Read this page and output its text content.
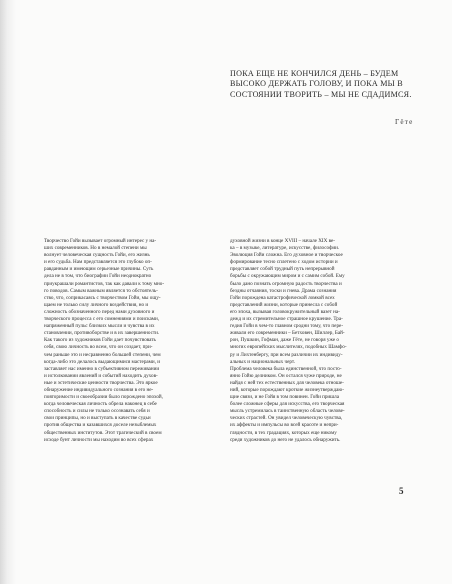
ПОКА ЕЩЕ НЕ КОНЧИЛСЯ ДЕНЬ – БУДЕМ
ВЫСОКО ДЕРЖАТЬ ГОЛОВУ, И ПОКА МЫ В
СОСТОЯНИИ ТВОРИТЬ – МЫ НЕ СДАДИМСЯ.
Гёте
Творчество Гойи вызывает огромный интерес у на-
ших современников. Но в немалой степени мы
волнует человеческая сущность Гойи, его жизнь
и его судьба. Нам представляется это глубоко оп-
равданным и имеющим серьезные причины. Суть
дела не в том, что биографии Гойи неоднократно
приукрашали романтистов, так как давали к тому мно-
го поводов. Самым важным является то обстоятель-
ство, что, соприкасаясь с творчеством Гойи, мы ощу-
щаем не только силу личного воздействия, но и
сложность обозначенного перед нами духовного и
творческого процесса с его сомнениями и поисками,
напряженный пульс близких мысли и чувства в их
становлении, противоборстве и в их завершенности.
Как такого из художников Гойи дает почувствовать
себя, свою личность во всем, что он создает, при-
чем раньше это и несравненно большей степени, чем
когда-либо это делалось выдающимися мастерами, и
заставляет нас именно в субъективном переживании
и истолковании явлений и событий находить духов-
ные и эстетические ценности творчества. Это яркое
обнаружение индивидуального сознания в его не-
повторимости и своеобразии было порождено эпохой,
когда человеческая личность обрела наконец в себе
способность и силы не только осознавать себя и
свои принципы, но и выступать в качестве судьи
против общества и казавшихся доселе незыблемых
общественных институтов. Этот трагический в своем
исходе бунт личности мы находим во всех сферах
духовной жизни в конце XVIII – начале XIX ве-
ка – в музыке, литературе, искусстве, философии.
Эволюция Гойи сложна. Его духовное и творческое
формирование тесно сплетено с ходом истории и
представляет собой трудный путь непрерывной
борьбы с окружающим миром и с самим собой. Ему
было дано познать огромную радость творчества и
бездны отчаяния, тоски и гнева. Драма сознания
Гойи порождена катастрофической ломкой всех
представлений жизни, которые принесла с собой
его эпоха, вызывая головокружительный вазет на-
дежд и их стремительное страшное крушение. Тра-
гедия Гойи в чем-то главном сродни тому, что пере-
живали его современники – Бетховен, Шиллер, Бай-
рон, Пушкин, Гофман, даже Гёте, не говоря уже о
многих европейских мыслителях, подобных Шамфо-
ру и Лихтенбергу, при всем различии их индивиду-
альных и национальных черт.
Проблема человека была единственной, что посто-
яннo Гойю делником. Он остался чуже природе, не
найдя с ней тех естественных для человека отноше-
ний, которые порождают кроткие жизнеутверждаю-
щие связи, и не Гойя в том повинен. Гойи пришла
более сложные сферы для искусства, его творческая
мысль устремилась в таинственную область челове-
ческих страстей. Он увидел человеческую чувства,
их аффекты и импульсы во всей красоте и непри-
глядности, в тех градациях, которых еще никому
среди художников до него не удалось обнаружить.
5
